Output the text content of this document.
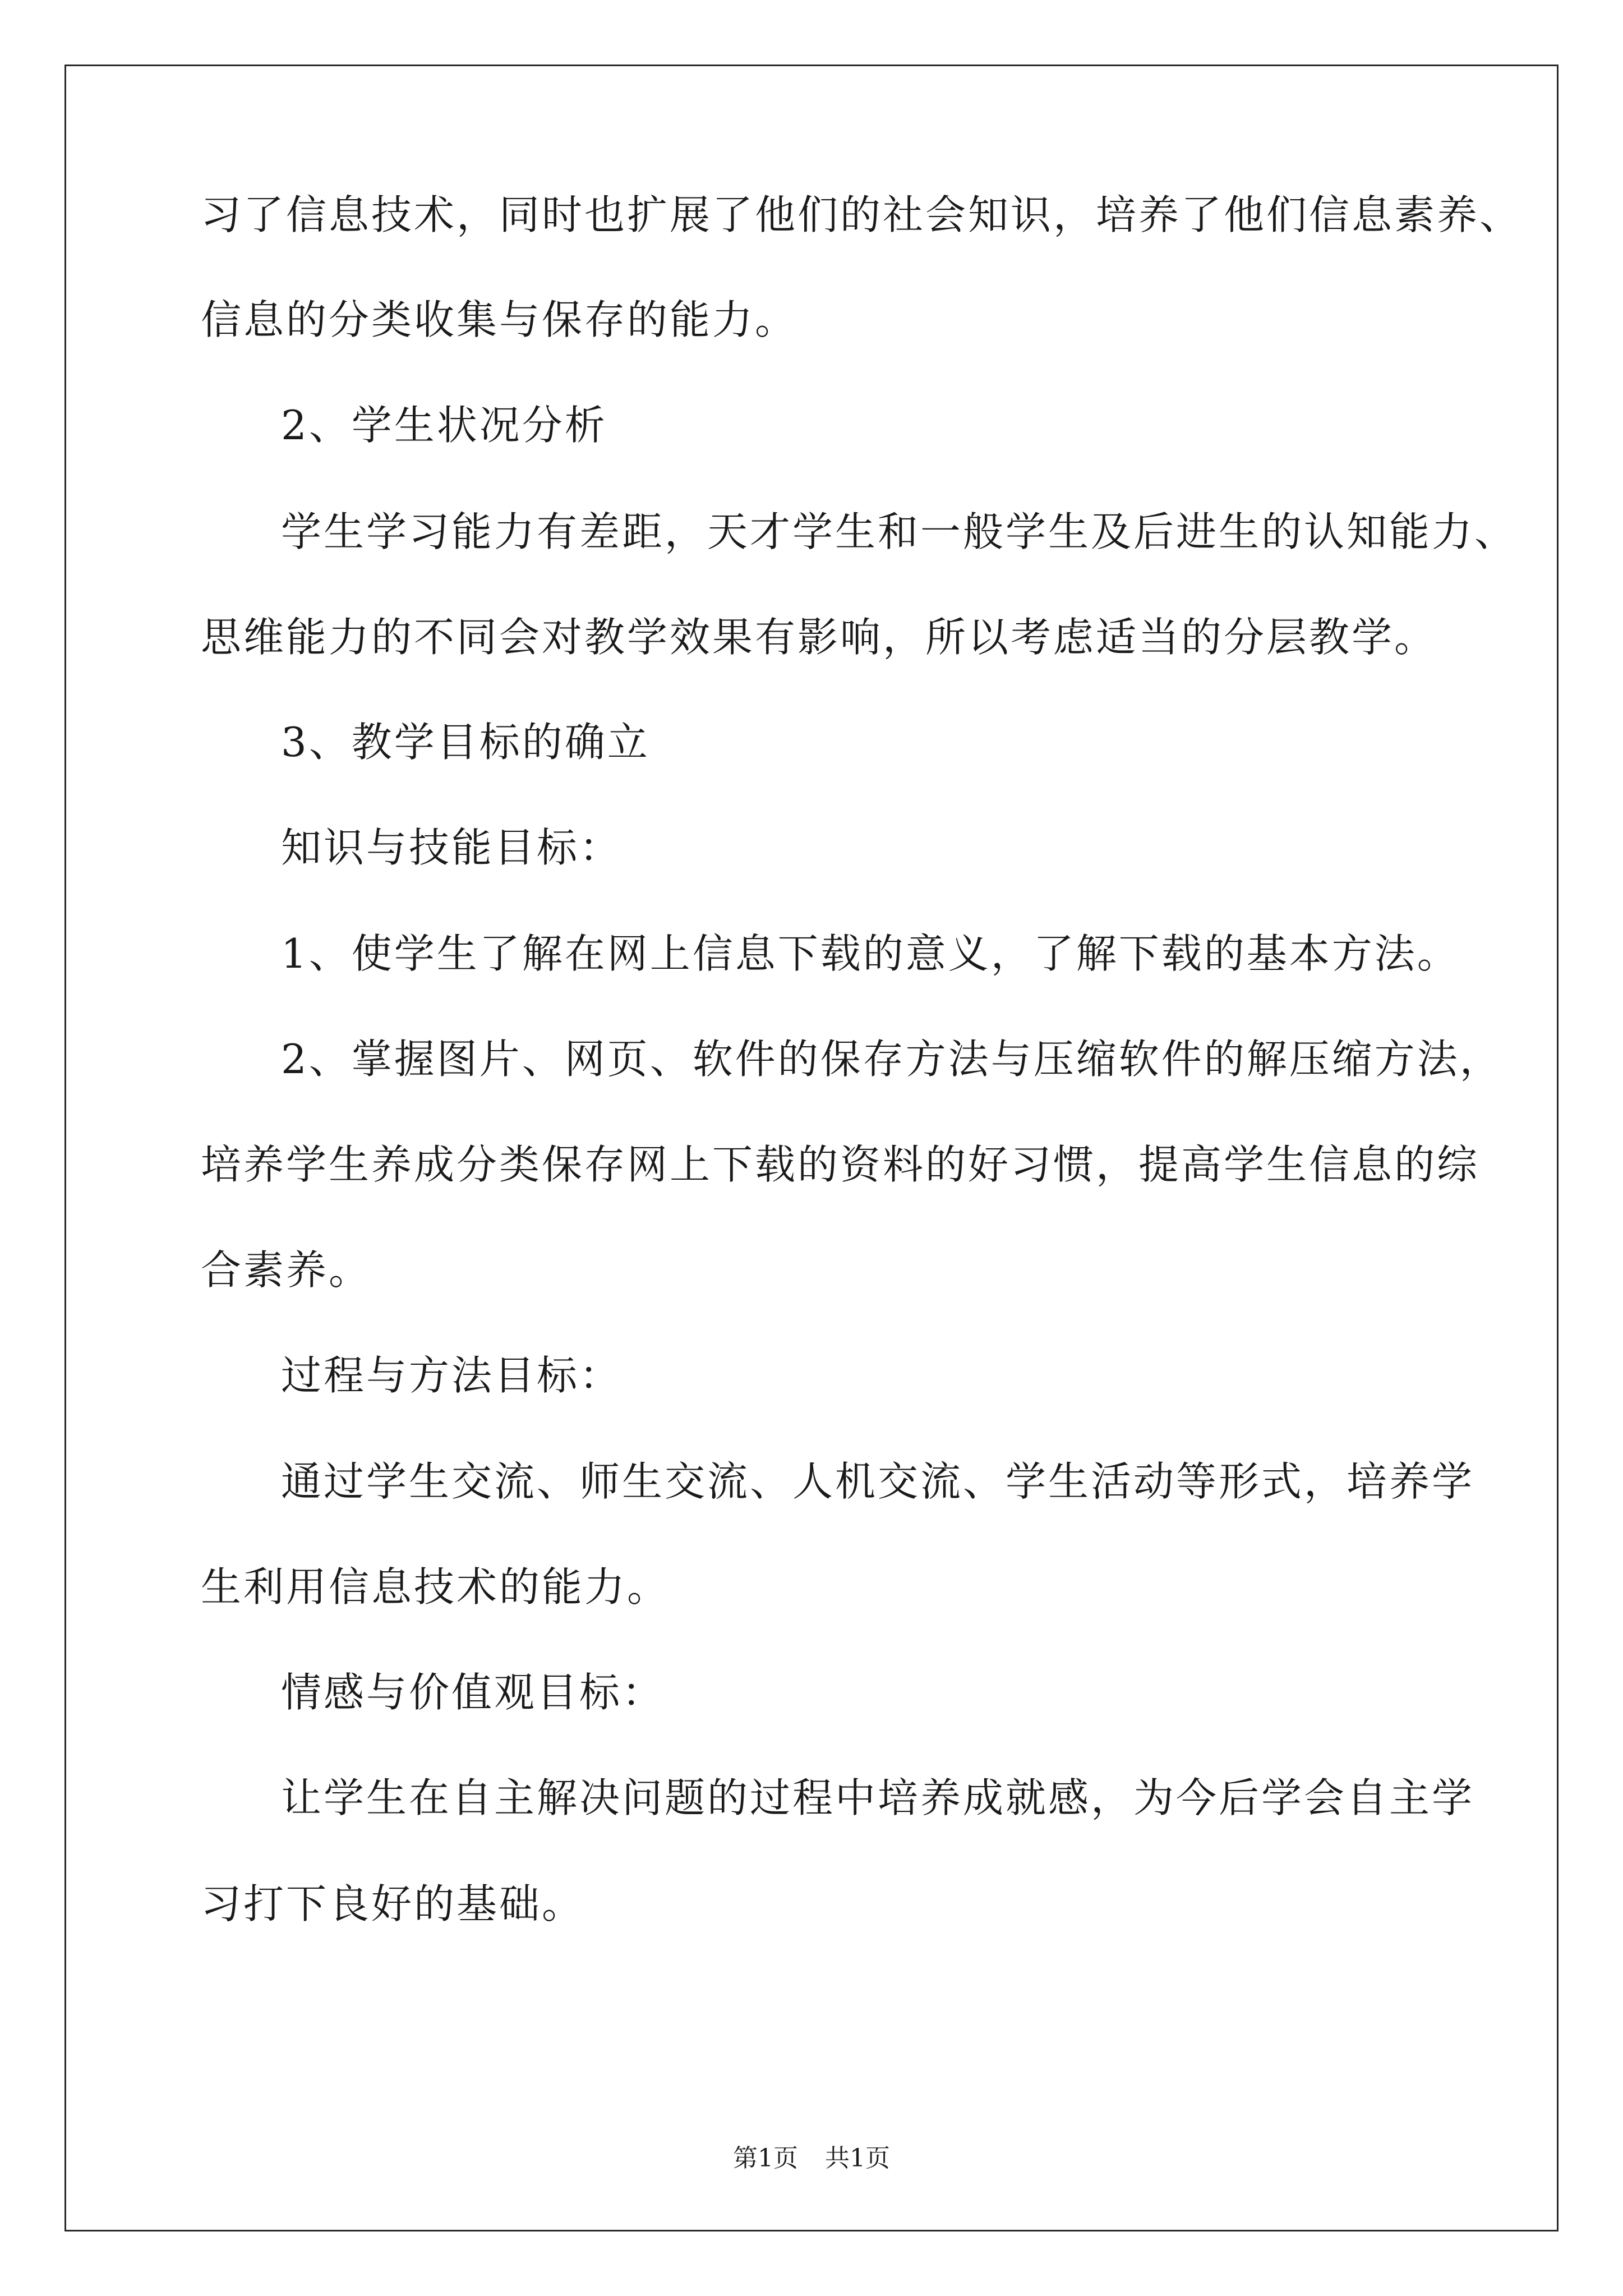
习了信息技术，同时也扩展了他们的社会知识，培养了他们信息素养、
信息的分类收集与保存的能力。
2、学生状况分析
学生学习能力有差距，天才学生和一般学生及后进生的认知能力、
思维能力的不同会对教学效果有影响，所以考虑适当的分层教学。
3、教学目标的确立
知识与技能目标：
1、使学生了解在网上信息下载的意义，了解下载的基本方法。
2、掌握图片、网页、软件的保存方法与压缩软件的解压缩方法，
培养学生养成分类保存网上下载的资料的好习惯，提高学生信息的综
合素养。
过程与方法目标：
通过学生交流、师生交流、人机交流、学生活动等形式，培养学
生利用信息技术的能力。
情感与价值观目标：
让学生在自主解决问题的过程中培养成就感，为今后学会自主学
习打下良好的基础。
第1页 共1页
